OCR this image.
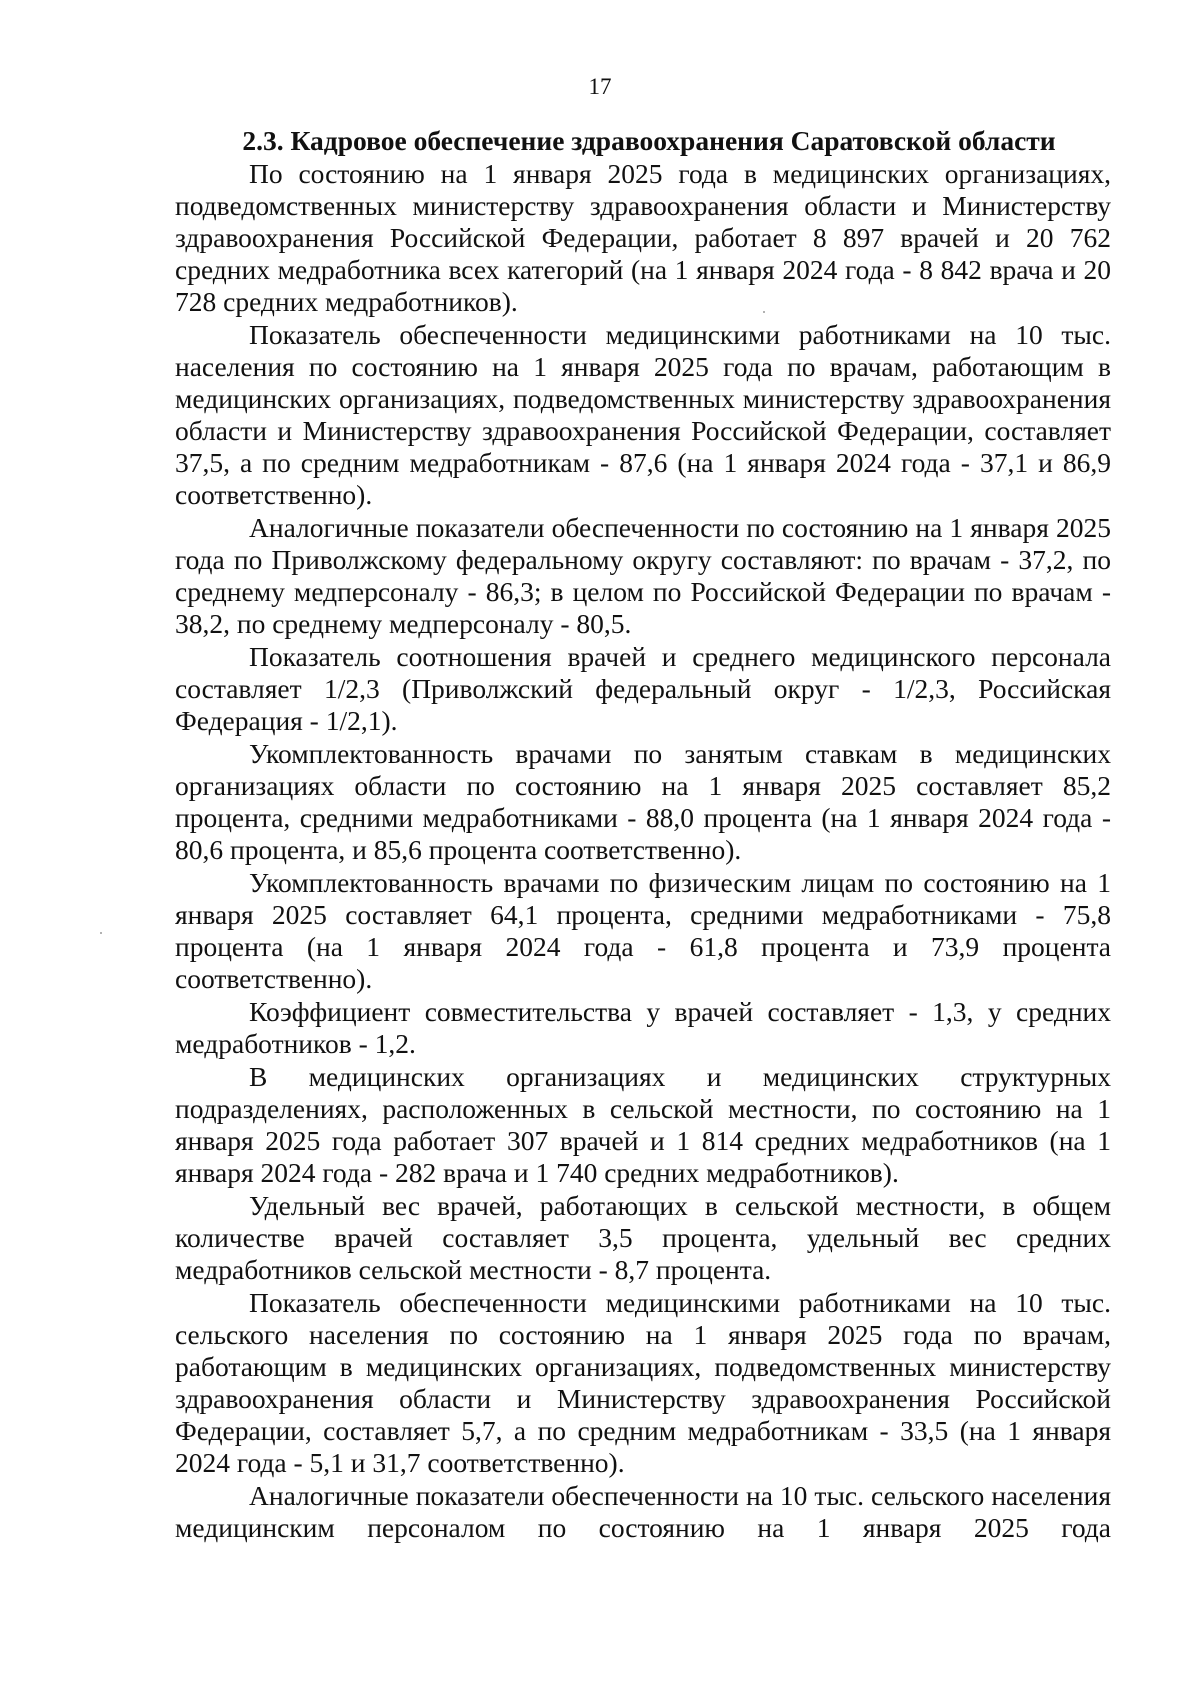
17
2.3. Кадровое обеспечение здравоохранения Саратовской области

По состоянию на 1 января 2025 года в медицинских организациях, подведомственных министерству здравоохранения области и Министерству здравоохранения Российской Федерации, работает 8 897 врачей и 20 762 средних медработника всех категорий (на 1 января 2024 года - 8 842 врача и 20 728 средних медработников).

Показатель обеспеченности медицинскими работниками на 10 тыс. населения по состоянию на 1 января 2025 года по врачам, работающим в медицинских организациях, подведомственных министерству здравоохранения области и Министерству здравоохранения Российской Федерации, составляет 37,5, а по средним медработникам - 87,6 (на 1 января 2024 года - 37,1 и 86,9 соответственно).

Аналогичные показатели обеспеченности по состоянию на 1 января 2025 года по Приволжскому федеральному округу составляют: по врачам - 37,2, по среднему медперсоналу - 86,3; в целом по Российской Федерации по врачам - 38,2, по среднему медперсоналу - 80,5.

Показатель соотношения врачей и среднего медицинского персонала составляет 1/2,3 (Приволжский федеральный округ - 1/2,3, Российская Федерация - 1/2,1).

Укомплектованность врачами по занятым ставкам в медицинских организациях области по состоянию на 1 января 2025 составляет 85,2 процента, средними медработниками - 88,0 процента (на 1 января 2024 года - 80,6 процента, и 85,6 процента соответственно).

Укомплектованность врачами по физическим лицам по состоянию на 1 января 2025 составляет 64,1 процента, средними медработниками - 75,8 процента (на 1 января 2024 года - 61,8 процента и 73,9 процента соответственно).

Коэффициент совместительства у врачей составляет - 1,3, у средних медработников - 1,2.

В медицинских организациях и медицинских структурных подразделениях, расположенных в сельской местности, по состоянию на 1 января 2025 года работает 307 врачей и 1 814 средних медработников (на 1 января 2024 года - 282 врача и 1 740 средних медработников).

Удельный вес врачей, работающих в сельской местности, в общем количестве врачей составляет 3,5 процента, удельный вес средних медработников сельской местности - 8,7 процента.

Показатель обеспеченности медицинскими работниками на 10 тыс. сельского населения по состоянию на 1 января 2025 года по врачам, работающим в медицинских организациях, подведомственных министерству здравоохранения области и Министерству здравоохранения Российской Федерации, составляет 5,7, а по средним медработникам - 33,5 (на 1 января 2024 года - 5,1 и 31,7 соответственно).

Аналогичные показатели обеспеченности на 10 тыс. сельского населения медицинским персоналом по состоянию на 1 января 2025 года
